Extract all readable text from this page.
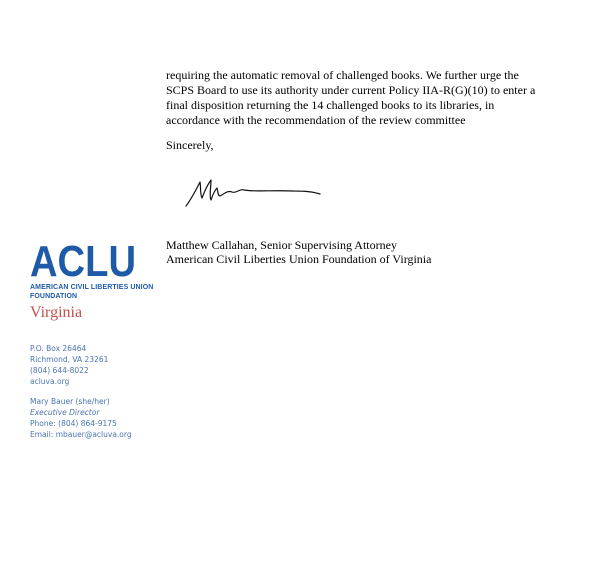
requiring the automatic removal of challenged books. We further urge the SCPS Board to use its authority under current Policy IIA-R(G)(10) to enter a final disposition returning the 14 challenged books to its libraries, in accordance with the recommendation of the review committee

Sincerely,
Matthew Callahan, Senior Supervising Attorney
American Civil Liberties Union Foundation of Virginia
ACLU
AMERICAN CIVIL LIBERTIES UNION
FOUNDATION
Virginia
P.O. Box 26464
Richmond, VA 23261
(804) 644-8022
acluva.org
Mary Bauer (she/her)
Executive Director
Phone: (804) 864-9175
Email: mbauer@acluva.org
